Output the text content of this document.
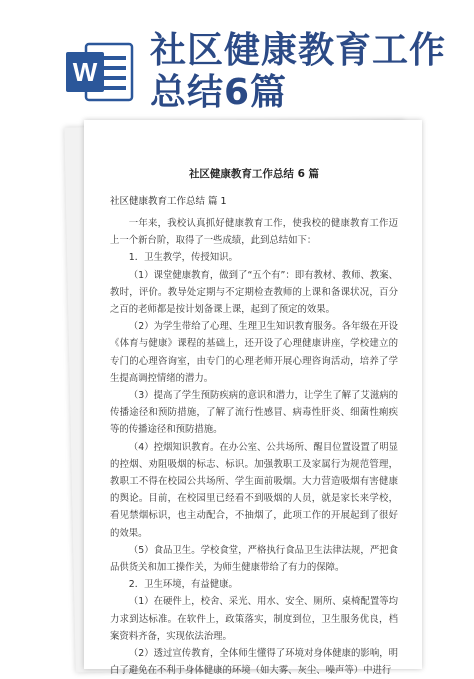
W
社区健康教育工作
总结6篇
社区健康教育工作总结 6 篇
社区健康教育工作总结 篇 1

一年来，我校认真抓好健康教育工作，使我校的健康教育工作迈上一个新台阶，取得了一些成绩，此到总结如下：

1．卫生教学，传授知识。

（1）课堂健康教育，做到了“五个有”：即有教材、教师、教案、教时，评价。教导处定期与不定期检查教师的上课和备课状况，百分之百的老师都是按计划备课上课，起到了预定的效果。

（2）为学生带给了心理、生理卫生知识教育服务。各年级在开设《体育与健康》课程的基础上，还开设了心理健康讲座，学校建立的专门的心理咨询室，由专门的心理老师开展心理咨询活动，培养了学生提高调控情绪的潜力。

（3）提高了学生预防疾病的意识和潜力，让学生了解了艾滋病的传播途径和预防措施，了解了流行性感冒、病毒性肝炎、细菌性痢疾等的传播途径和预防措施。

（4）控烟知识教育。在办公室、公共场所、醒目位置设置了明显的控烟、劝阻吸烟的标志、标识。加强教职工及家属行为规范管理，教职工不得在校园公共场所、学生面前吸烟。大力营造吸烟有害健康的舆论。目前，在校园里已经看不到吸烟的人员，就是家长来学校，看见禁烟标识，也主动配合，不抽烟了，此项工作的开展起到了很好的效果。

（5）食品卫生。学校食堂，严格执行食品卫生法律法规，严把食品供货关和加工操作关，为师生健康带给了有力的保障。

2．卫生环境，有益健康。

（1）在硬件上，校舍、采光、用水、安全、厕所、桌椅配置等均力求到达标准。在软件上，政策落实，制度到位，卫生服务优良，档案资料齐备，实现依法治理。

（2）透过宣传教育，全体师生懂得了环境对身体健康的影响，明白了避免在不利于身体健康的环境（如大雾、灰尘、噪声等）中进行
